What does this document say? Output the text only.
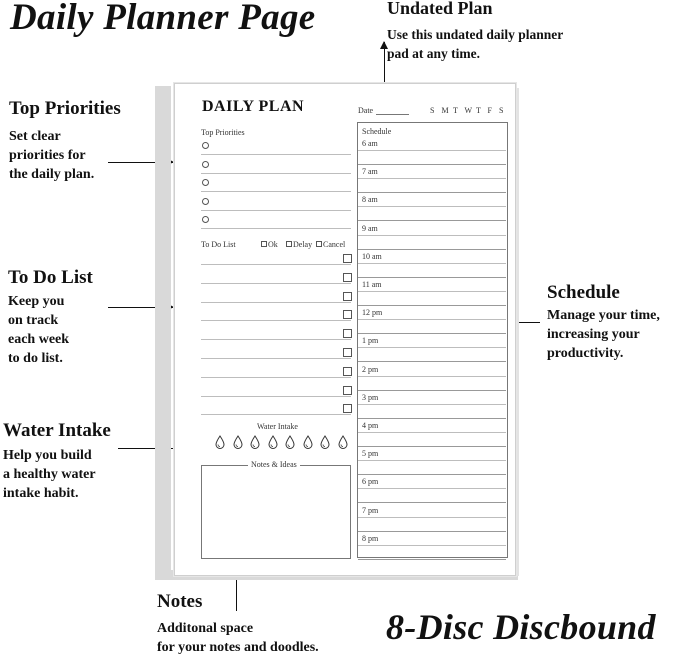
Daily Planner Page
8-Disc Discbound
Undated Plan
Use this undated daily planner
pad at any time.
Top Priorities
Set clear
priorities for
the daily plan.
To Do List
Keep you
on track
each week
to do list.
Water Intake
Help you build
a healthy water
intake habit.
Schedule
Manage your time,
increasing your
productivity.
Notes
Additonal space
for your notes and doodles.
DAILY PLAN	Date	S M T W T F S
Top Priorities
To Do List	Ok Delay Cancel
Water Intake
Notes & Ideas
Schedule
6 am
7 am
8 am
9 am
10 am
11 am
12 pm
1 pm
2 pm
3 pm
4 pm
5 pm
6 pm
7 pm
8 pm
